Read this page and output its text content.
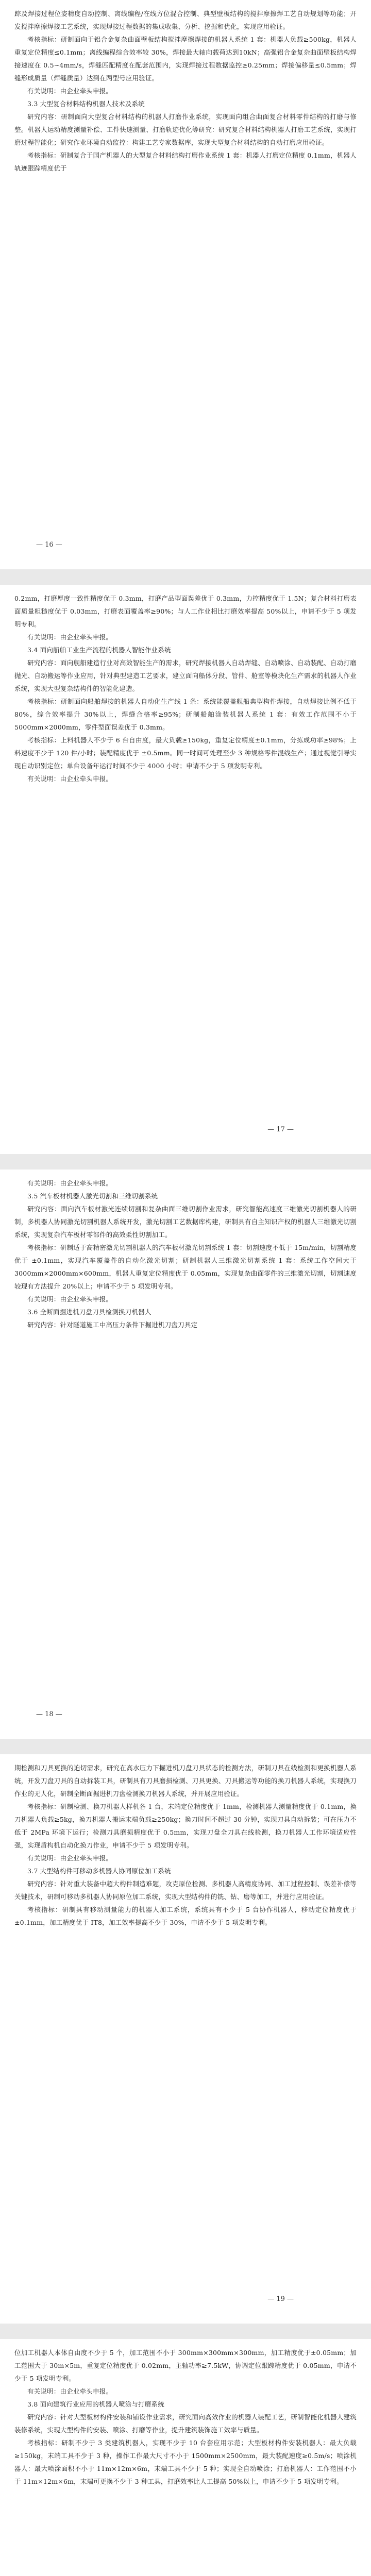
踪及焊接过程位姿精度自动控制、离线编程/在线方位混合控制、典型壁板结构的搅拌摩擦焊工艺自动规划等功能；开发搅拌摩擦焊接工艺系统，实现焊接过程数据的集成收集、分析、挖掘和优化，实现应用验证。

考核指标：研制面向于铝合金复杂曲面壁板结构搅拌摩擦焊接的机器人系统 1 套：机器人负载≥500kg，机器人重复定位精度≤0.1mm；离线编程综合效率较 30%，焊接最大轴向载荷达到10kN；高强铝合金复杂曲面壁板结构焊接速度在 0.5~4mm/s，焊缝匹配精度在配套范围内，实现焊接过程数据监控≥0.25mm；焊接偏移量≤0.5mm；焊缝形成质量（焊缝质量）达到在两型号应用验证。

有关说明：由企业牵头申报。

3.3 大型复合材料结构机器人技术及系统

研究内容：研制面向大型复合材料结构的机器人打磨作业系统，实现面向组合曲面复合材料零件结构的打磨与修整。机器人运动精度测量补偿、工件快速测量、打磨轨迹优化等研究：研究复合材料结构机器人打磨工艺系统，实现打磨过程智能化；研究作业环境自动监控：构建工艺专家数据库，实现大型复合材料结构的自动打磨应用验证。

考核指标：研制复合于国产机器人的大型复合材料结构打磨作业系统 1 套：机器人打磨定位精度 0.1mm，机器人轨迹跟踪精度优于

— 16 —

0.2mm，打磨厚度一致性精度优于 0.3mm，打磨产品型面误差优于 0.3mm，力控精度优于 1.5N；复合材料打磨表面质量粗糙度优于 0.03mm，打磨表面覆盖率≥90%；与人工作业相比打磨效率提高 50%以上，申请不少于 5 项发明专利。

有关说明：由企业牵头申报。

3.4 面向船舶工业生产流程的机器人智能作业系统

研究内容：面向舰船建造行业对高效智能生产的需求，研究焊接机器人自动焊缝、自动喷涂、自动装配、自动打磨抛光、自动搬运等作业应用，针对典型建造工艺要求，建立面向船体分段、管件、舱室等模块化生产需求的机器人作业系统，实现大型复杂结构件的智能化建造。

考核指标：研制面向船舶焊接的机器人自动化生产线 1 条：系统能覆盖舰船典型构件焊接，自动焊接比例不低于 80%，综合效率提升 30%以上，焊缝合格率≥95%；研制船舶涂装机器人系统 1 套：有效工作范围不小于 5000mm×2000mm，零件型面误差优于 0.3mm。

考核指标：上料机器人不少于 6 台自由度，最大负载≥150kg，重复定位精度±0.1mm，分拣成功率≥98%；上料速度不少于 120 件/小时；装配精度优于 ±0.5mm。同一时间可处理至少 3 种规格零件混线生产；通过视觉引导实现自动识别定位；单台设备年运行时间不少于 4000 小时；申请不少于 5 项发明专利。

有关说明：由企业牵头申报。

— 17 —

有关说明：由企业牵头申报。

3.5 汽车板材机器人激光切割和三维切割系统

研究内容：面向汽车板材激光连续切割和复杂曲面三维切割作业需求，研究智能高速度三维激光切割机器人的研制，多机器人协同激光切割机器人系统开发，激光切割工艺数据库构建，研制具有自主知识产权的机器人三维激光切割系统，实现复杂汽车板材零部件的高效柔性切割加工。

考核指标：研制适于高精密激光切割机器人的汽车板材激光切割系统 1 套：切割速度不低于 15m/min，切割精度优于 ±0.1mm，实现汽车覆盖件的自动化激光切割；研制机器人三维激光切割系统 1 套：系统工作空间大于 3000mm×2000mm×600mm，机器人重复定位精度优于 0.05mm，实现复杂曲面零件的三维激光切割，切割速度较现有方法提升 20%以上；申请不少于 5 项发明专利。

有关说明：由企业牵头申报。

3.6 全断面掘进机刀盘刀具检测换刀机器人

研究内容：针对隧道施工中高压力条件下掘进机刀盘刀具定

— 18 —

期检测和刀具更换的迫切需求，研究在高水压力下掘进机刀盘刀具状态的检测方法，研制刀具在线检测和更换机器人系统，开发刀盘刀具的自动拆装工具，研制具有刀具磨损检测、刀具更换、刀具搬运等功能的换刀机器人系统，实现换刀作业的无人化，研制全断面掘进机刀盘检测换刀机器人系统，并开展应用验证。

考核指标：研制检测、换刀机器人样机各 1 台，末端定位精度优于 1mm，检测机器人测量精度优于 0.1mm，换刀机器人负载≥5kg，换刀机器人搬运末端负载≥250kg；换刀时间不超过 30 分钟，实现刀具自动拆装；可在压力不低于 2MPa 环境下运行；检测刀具磨损精度优于 0.5mm，实现刀盘全刀具在线检测，换刀机器人工作环境适应性强，实现盾构机自动化换刀作业，申请不少于 5 项发明专利。

有关说明：由企业牵头申报。

3.7 大型结构件可移动多机器人协同原位加工系统

研究内容：针对重大装备中超大构件制造难题，攻克原位检测、多机器人高精度协同、加工过程控制、误差补偿等关键技术，研制可移动多机器人协同原位加工系统，实现大型结构件的铣、钻、磨等加工，并进行应用验证。

考核指标：研制具有移动测量能力的机器人加工系统，系统具有不少于 5 台协作机器人，移动定位精度优于 ±0.1mm，加工精度优于 IT8，加工效率提高不少于 30%，申请不少于 5 项发明专利。

— 19 —

位加工机器人本体自由度不少于 5 个，加工范围不小于 300mm×300mm×300mm，加工精度优于±0.05mm；加工范围大于 30m×5m，重复定位精度优于 0.02mm，主轴功率≥7.5kW，协调定位跟踪精度优于 0.05mm，申请不少于 5 项发明专利。

有关说明：由企业牵头申报。

3.8 面向建筑行业应用的机器人喷涂与打磨系统

研究内容：针对大型板材构件安装和铺设作业需求，研究面向高效作业的机器人装配工艺，研制智能化机器人建筑装修系统，实现大型构件的安装、喷涂、打磨等作业，提升建筑装饰施工效率与质量。

考核指标：研制不少于 3 类建筑机器人，实现不少于 10 台套应用示范；大型板材构件安装机器人：最大负载≥150kg，末端工具不少于 3 种，操作工作最大尺寸不小于 1500mm×2500mm，最大装配速度≥0.5m/s；喷涂机器人：最大喷涂面积不小于 11m×12m×6m，末端工具不少于 5 种；实现全自动喷涂；打磨机器人：工作范围不小于 11m×12m×6m，末端可更换不少于 3 种工具，打磨效率比人工提高 50%以上，申请不少于 5 项发明专利。
